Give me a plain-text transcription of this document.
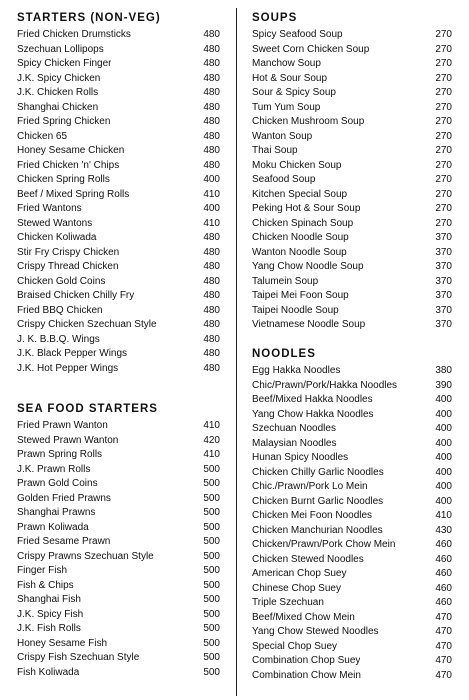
STARTERS (NON-VEG)
Fried Chicken Drumsticks	480
Szechuan Lollipops	480
Spicy Chicken Finger	480
J.K. Spicy Chicken	480
J.K. Chicken Rolls	480
Shanghai Chicken	480
Fried Spring Chicken	480
Chicken 65	480
Honey Sesame Chicken	480
Fried Chicken 'n' Chips	480
Chicken Spring Rolls	400
Beef / Mixed Spring Rolls	410
Fried Wantons	400
Stewed Wantons	410
Chicken Koliwada	480
Stir Fry Crispy Chicken	480
Crispy Thread Chicken	480
Chicken Gold Coins	480
Braised Chicken Chilly Fry	480
Fried BBQ Chicken	480
Crispy Chicken Szechuan Style	480
J. K. B.B.Q. Wings	480
J.K. Black Pepper Wings	480
J.K. Hot Pepper Wings	480
SEA FOOD STARTERS
Fried Prawn Wanton	410
Stewed Prawn Wanton	420
Prawn Spring Rolls	410
J.K. Prawn Rolls	500
Prawn Gold Coins	500
Golden Fried Prawns	500
Shanghai Prawns	500
Prawn Koliwada	500
Fried Sesame Prawn	500
Crispy Prawns Szechuan Style	500
Finger Fish	500
Fish & Chips	500
Shanghai Fish	500
J.K. Spicy Fish	500
J.K. Fish Rolls	500
Honey Sesame Fish	500
Crispy Fish Szechuan Style	500
Fish Koliwada	500
SOUPS
Spicy Seafood Soup	270
Sweet Corn Chicken Soup	270
Manchow Soup	270
Hot & Sour Soup	270
Sour & Spicy Soup	270
Tum Yum Soup	270
Chicken Mushroom Soup	270
Wanton Soup	270
Thai Soup	270
Moku Chicken Soup	270
Seafood Soup	270
Kitchen Special Soup	270
Peking Hot & Sour Soup	270
Chicken Spinach Soup	270
Chicken Noodle Soup	370
Wanton Noodle Soup	370
Yang Chow Noodle Soup	370
Talumein Soup	370
Taipei Mei Foon Soup	370
Taipei Noodle Soup	370
Vietnamese Noodle Soup	370
NOODLES
Egg Hakka Noodles	380
Chic/Prawn/Pork/Hakka Noodles	390
Beef/Mixed Hakka Noodles	400
Yang Chow Hakka Noodles	400
Szechuan Noodles	400
Malaysian Noodles	400
Hunan Spicy Noodles	400
Chicken Chilly Garlic Noodles	400
Chic./Prawn/Pork Lo Mein	400
Chicken Burnt Garlic Noodles	400
Chicken Mei Foon Noodles	410
Chicken Manchurian Noodles	430
Chicken/Prawn/Pork Chow Mein	460
Chicken Stewed Noodles	460
American Chop Suey	460
Chinese Chop Suey	460
Triple Szechuan	460
Beef/Mixed Chow Mein	470
Yang Chow Stewed Noodles	470
Special Chop Suey	470
Combination Chop Suey	470
Combination Chow Mein	470
